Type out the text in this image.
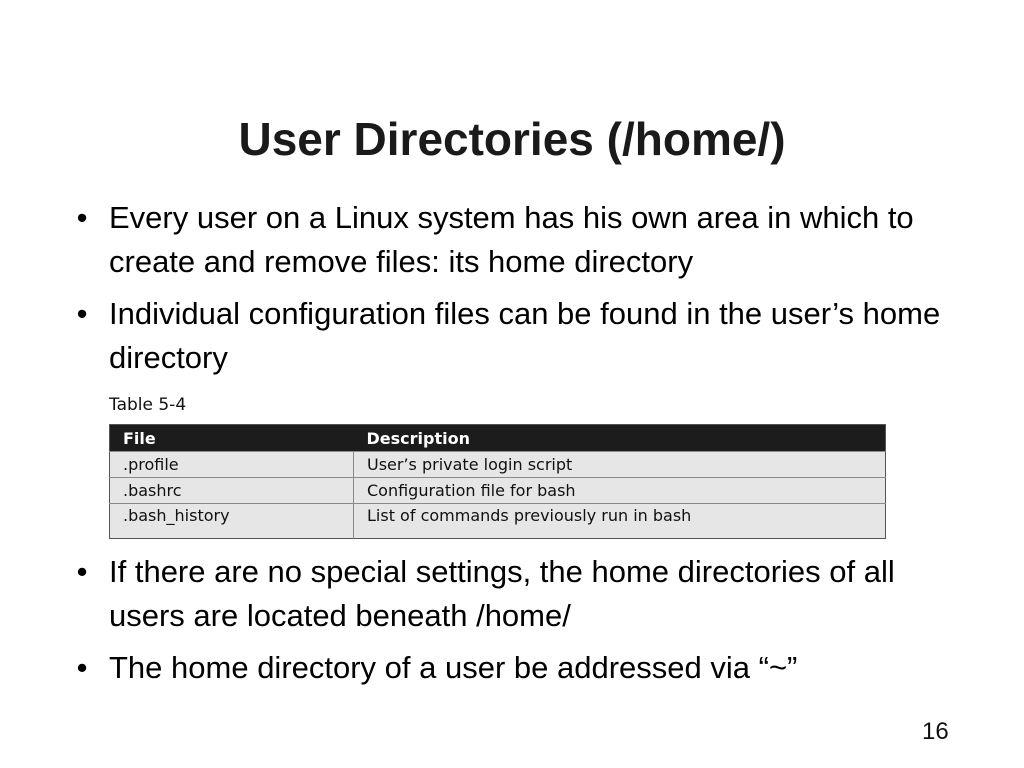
User Directories (/home/)
• Every user on a Linux system has his own area in which to create and remove files: its home directory
• Individual configuration files can be found in the user’s home directory
Table 5-4
File	Description
.profile	User’s private login script
.bashrc	Configuration file for bash
.bash_history	List of commands previously run in bash
• If there are no special settings, the home directories of all users are located beneath /home/
• The home directory of a user be addressed via “~”
16
